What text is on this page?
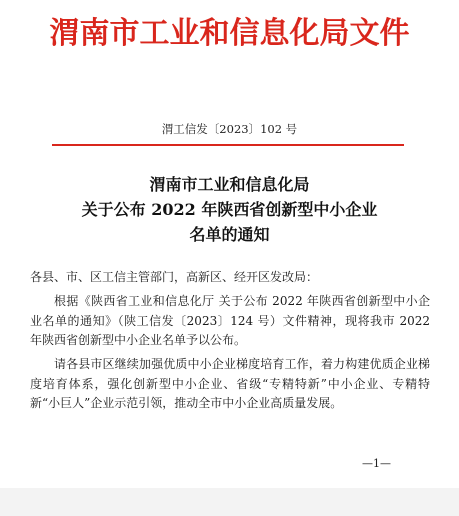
渭南市工业和信息化局文件
渭工信发〔2023〕102 号
渭南市工业和信息化局
关于公布 2022 年陕西省创新型中小企业
名单的通知
各县、市、区工信主管部门，高新区、经开区发改局：
根据《陕西省工业和信息化厅 关于公布 2022 年陕西省创新型中小企业名单的通知》（陕工信发〔2023〕124 号）文件精神，现将我市 2022 年陕西省创新型中小企业名单予以公布。
请各县市区继续加强优质中小企业梯度培育工作，着力构建优质企业梯度培育体系，强化创新型中小企业、省级“专精特新”中小企业、专精特新“小巨人”企业示范引领，推动全市中小企业高质量发展。
—1—
